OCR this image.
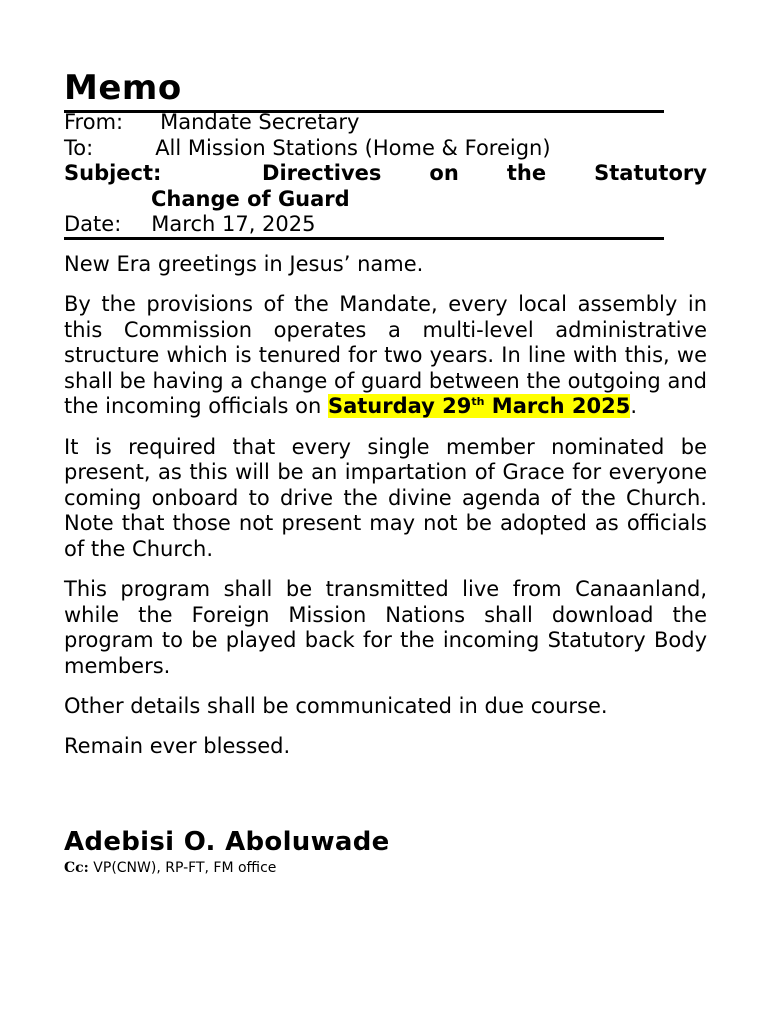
Memo
From: Mandate Secretary
To:	All Mission Stations (Home & Foreign)
Subject:	Directives on the Statutory
Change of Guard
Date: March 17, 2025

New Era greetings in Jesus’ name.

By the provisions of the Mandate, every local assembly in this Commission operates a multi-level administrative structure which is tenured for two years. In line with this, we shall be having a change of guard between the outgoing and the incoming officials on Saturday 29th March 2025.

It is required that every single member nominated be present, as this will be an impartation of Grace for everyone coming onboard to drive the divine agenda of the Church. Note that those not present may not be adopted as officials of the Church.

This program shall be transmitted live from Canaanland, while the Foreign Mission Nations shall download the program to be played back for the incoming Statutory Body members.

Other details shall be communicated in due course.

Remain ever blessed.

Adebisi O. Aboluwade
Cc: VP(CNW), RP-FT, FM office
